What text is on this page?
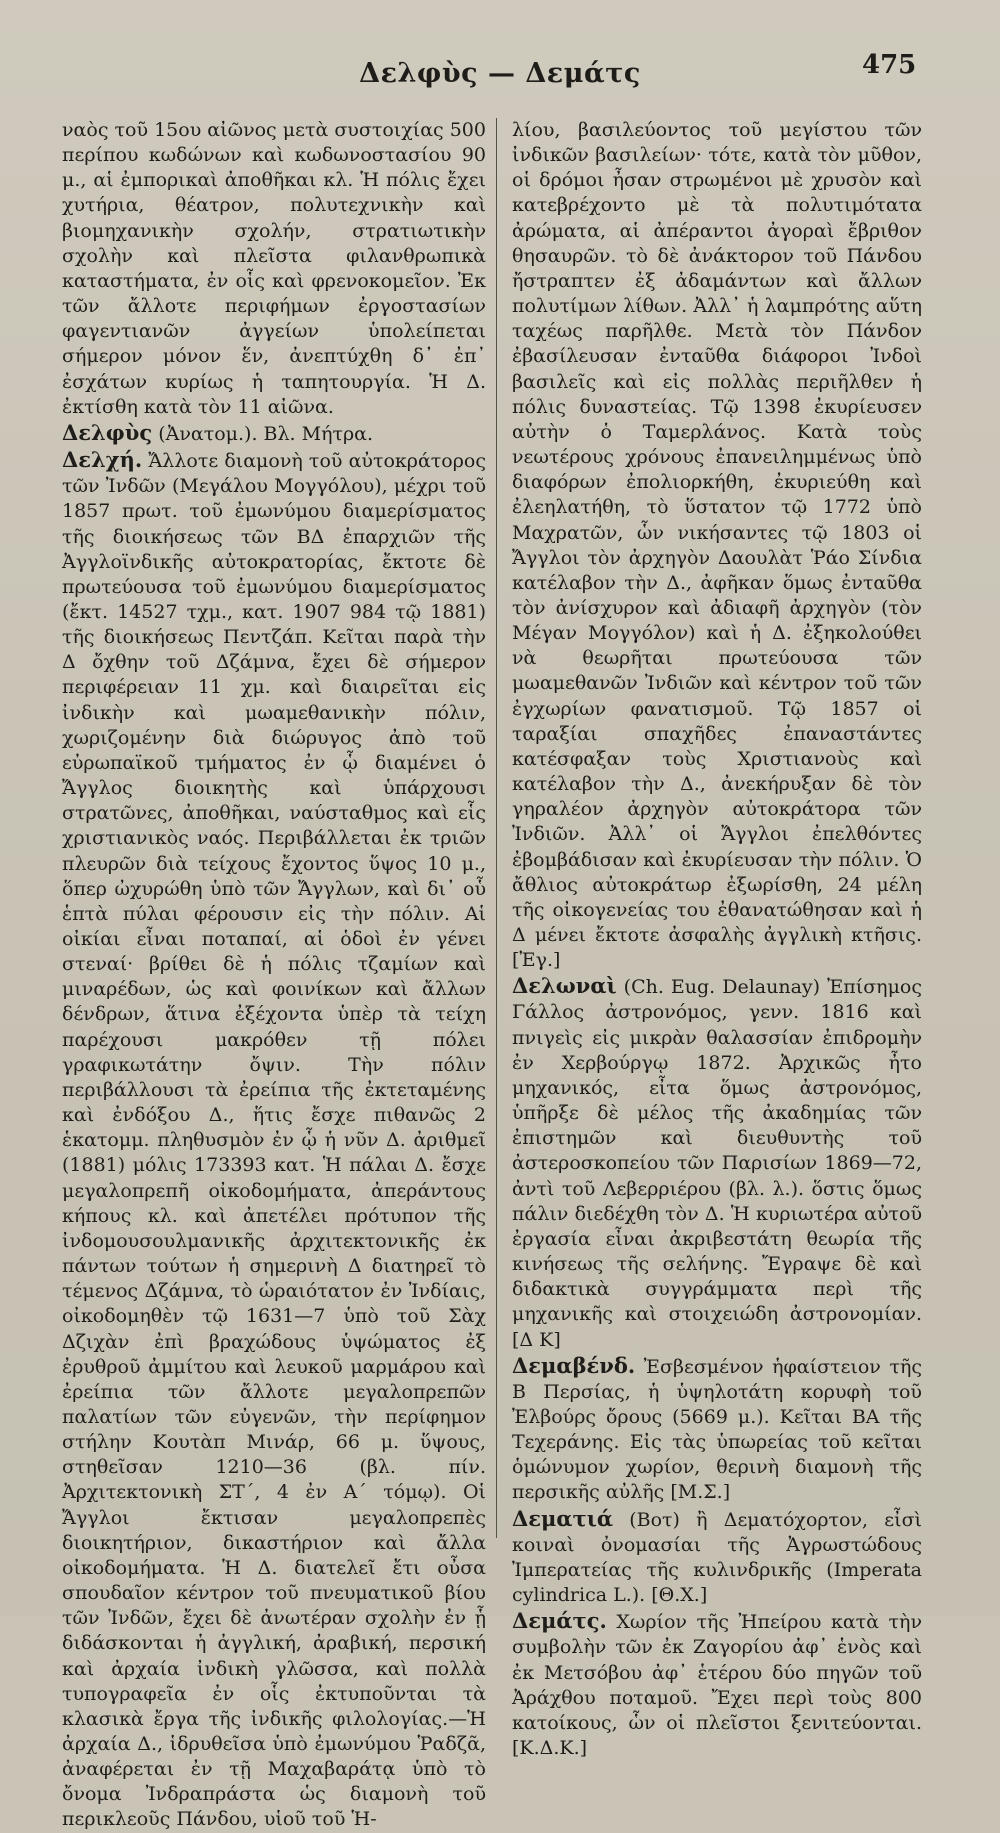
Δελφὺς — Δεμάτς	475

ναὸς τοῦ 15ου αἰῶνος μετὰ συστοιχίας 500 περίπου κωδώνων καὶ κωδωνοστασίου 90 μ., αἱ ἐμπορικαὶ ἀποθῆκαι κλ. Ἡ πόλις ἔχει χυτήρια, θέατρον, πολυτεχνικὴν καὶ βιομηχανικὴν σχολήν, στρατιωτικὴν σχολὴν καὶ πλεῖστα φιλανθρωπικὰ καταστήματα, ἐν οἷς καὶ φρενοκομεῖον. Ἐκ τῶν ἄλλοτε περιφήμων ἐργοστασίων φαγεντιανῶν ἀγγείων ὑπολείπεται σήμερον μόνον ἕν, ἀνεπτύχθη δ᾿ ἐπ᾿ ἐσχάτων κυρίως ἡ ταπητουργία. Ἡ Δ. ἐκτίσθη κατὰ τὸν 11 αἰῶνα.

Δελφὺς (Ἀνατομ.). Βλ. Μήτρα.

Δελχή. Ἄλλοτε διαμονὴ τοῦ αὐτοκράτορος τῶν Ἰνδῶν (Μεγάλου Μογγόλου), μέχρι τοῦ 1857 πρωτ. τοῦ ἐμωνύμου διαμερίσματος τῆς διοικήσεως τῶν ΒΔ ἐπαρχιῶν τῆς Ἀγγλοϊνδικῆς αὐτοκρατορίας, ἔκτοτε δὲ πρωτεύουσα τοῦ ἐμωνύμου διαμερίσματος (ἔκτ. 14527 τχμ., κατ. 1907 984 τῷ 1881) τῆς διοικήσεως Πεντζάπ. Κεῖται παρὰ τὴν Δ ὄχθην τοῦ Δζάμνα, ἔχει δὲ σήμερον περιφέρειαν 11 χμ. καὶ διαιρεῖται εἰς ἰνδικὴν καὶ μωαμεθανικὴν πόλιν, χωριζομένην διὰ διώρυγος ἀπὸ τοῦ εὐρωπαϊκοῦ τμήματος ἐν ᾧ διαμένει ὁ Ἄγγλος διοικητὴς καὶ ὑπάρχουσι στρατῶνες, ἀποθῆκαι, ναύσταθμος καὶ εἷς χριστιανικὸς ναός. Περιβάλλεται ἐκ τριῶν πλευρῶν διὰ τείχους ἔχοντος ὕψος 10 μ., ὅπερ ὠχυρώθη ὑπὸ τῶν Ἄγγλων, καὶ δι᾿ οὗ ἑπτὰ πύλαι φέρουσιν εἰς τὴν πόλιν. Αἱ οἰκίαι εἶναι ποταπαί, αἱ ὁδοὶ ἐν γένει στεναί· βρίθει δὲ ἡ πόλις τζαμίων καὶ μιναρέδων, ὡς καὶ φοινίκων καὶ ἄλλων δένδρων, ἅτινα ἐξέχοντα ὑπὲρ τὰ τείχη παρέχουσι μακρόθεν τῇ πόλει γραφικωτάτην ὄψιν. Τὴν πόλιν περιβάλλουσι τὰ ἐρείπια τῆς ἐκτεταμένης καὶ ἐνδόξου Δ., ἥτις ἔσχε πιθανῶς 2 ἑκατομμ. πληθυσμὸν ἐν ᾧ ἡ νῦν Δ. ἀριθμεῖ (1881) μόλις 173393 κατ. Ἡ πάλαι Δ. ἔσχε μεγαλοπρεπῆ οἰκοδομήματα, ἀπεράντους κήπους κλ. καὶ ἀπετέλει πρότυπον τῆς ἰνδομουσουλμανικῆς ἀρχιτεκτονικῆς ἐκ πάντων τούτων ἡ σημερινὴ Δ διατηρεῖ τὸ τέμενος Δζάμνα, τὸ ὡραιότατον ἐν Ἰνδίαις, οἰκοδομηθὲν τῷ 1631—7 ὑπὸ τοῦ Σὰχ Δζιχὰν ἐπὶ βραχώδους ὑψώματος ἐξ ἐρυθροῦ ἀμμίτου καὶ λευκοῦ μαρμάρου καὶ ἐρείπια τῶν ἄλλοτε μεγαλοπρεπῶν παλατίων τῶν εὐγενῶν, τὴν περίφημον στήλην Κουτὰπ Μινάρ, 66 μ. ὕψους, στηθεῖσαν 1210—36 (βλ. πίν. Ἀρχιτεκτονικὴ ΣΤ΄, 4 ἐν Α΄ τόμῳ). Οἱ Ἄγγλοι ἔκτισαν μεγαλοπρεπὲς διοικητήριον, δικαστήριον καὶ ἄλλα οἰκοδομήματα. Ἡ Δ. διατελεῖ ἔτι οὖσα σπουδαῖον κέντρον τοῦ πνευματικοῦ βίου τῶν Ἰνδῶν, ἔχει δὲ ἀνωτέραν σχολὴν ἐν ᾗ διδάσκονται ἡ ἀγγλική, ἀραβική, περσική καὶ ἀρχαία ἰνδικὴ γλῶσσα, καὶ πολλὰ τυπογραφεῖα ἐν οἷς ἐκτυποῦνται τὰ κλασικὰ ἔργα τῆς ἰνδικῆς φιλολογίας.—Ἡ ἀρχαία Δ., ἱδρυθεῖσα ὑπὸ ἐμωνύμου Ῥαδζᾶ, ἀναφέρεται ἐν τῇ Μαχαβαράτᾳ ὑπὸ τὸ ὄνομα Ἰνδραπράστα ὡς διαμονὴ τοῦ περικλεοῦς Πάνδου, υἱοῦ τοῦ Ἡ-

λίου, βασιλεύοντος τοῦ μεγίστου τῶν ἰνδικῶν βασιλείων· τότε, κατὰ τὸν μῦθον, οἱ δρόμοι ἦσαν στρωμένοι μὲ χρυσὸν καὶ κατεβρέχοντο μὲ τὰ πολυτιμότατα ἀρώματα, αἱ ἀπέραντοι ἀγοραὶ ἔβριθον θησαυρῶν. τὸ δὲ ἀνάκτορον τοῦ Πάνδου ἤστραπτεν ἐξ ἀδαμάντων καὶ ἄλλων πολυτίμων λίθων. Ἀλλ᾿ ἡ λαμπρότης αὕτη ταχέως παρῆλθε. Μετὰ τὸν Πάνδον ἐβασίλευσαν ἐνταῦθα διάφοροι Ἰνδοὶ βασιλεῖς καὶ εἰς πολλὰς περιῆλθεν ἡ πόλις δυναστείας. Τῷ 1398 ἐκυρίευσεν αὐτὴν ὁ Ταμερλάνος. Κατὰ τοὺς νεωτέρους χρόνους ἐπανειλημμένως ὑπὸ διαφόρων ἐπολιορκήθη, ἐκυριεύθη καὶ ἐλεηλατήθη, τὸ ὕστατον τῷ 1772 ὑπὸ Μαχρατῶν, ὧν νικήσαντες τῷ 1803 οἱ Ἄγγλοι τὸν ἀρχηγὸν Δαουλὰτ Ῥάο Σίνδια κατέλαβον τὴν Δ., ἀφῆκαν ὅμως ἐνταῦθα τὸν ἀνίσχυρον καὶ ἀδιαφῆ ἀρχηγὸν (τὸν Μέγαν Μογγόλον) καὶ ἡ Δ. ἐξηκολούθει νὰ θεωρῆται πρωτεύουσα τῶν μωαμεθανῶν Ἰνδιῶν καὶ κέντρον τοῦ τῶν ἐγχωρίων φανατισμοῦ. Τῷ 1857 οἱ ταραξίαι σπαχῆδες ἐπαναστάντες κατέσφαξαν τοὺς Χριστιανοὺς καὶ κατέλαβον τὴν Δ., ἀνεκήρυξαν δὲ τὸν γηραλέον ἀρχηγὸν αὐτοκράτορα τῶν Ἰνδιῶν. Ἀλλ᾿ οἱ Ἄγγλοι ἐπελθόντες ἐβομβάδισαν καὶ ἐκυρίευσαν τὴν πόλιν. Ὁ ἄθλιος αὐτοκράτωρ ἐξωρίσθη, 24 μέλη τῆς οἰκογενείας του ἐθανατώθησαν καὶ ἡ Δ μένει ἔκτοτε ἀσφαλὴς ἀγγλικὴ κτῆσις. [Ἐγ.]

Δελωναὶ (Ch. Eug. Delaunay) Ἐπίσημος Γάλλος ἀστρονόμος, γενν. 1816 καὶ πνιγεὶς εἰς μικρὰν θαλασσίαν ἐπιδρομὴν ἐν Χερβούργῳ 1872. Ἀρχικῶς ἦτο μηχανικός, εἶτα ὅμως ἀστρονόμος, ὑπῆρξε δὲ μέλος τῆς ἀκαδημίας τῶν ἐπιστημῶν καὶ διευθυντὴς τοῦ ἀστεροσκοπείου τῶν Παρισίων 1869—72, ἀντὶ τοῦ Λεβερριέρου (βλ. λ.). ὅστις ὅμως πάλιν διεδέχθη τὸν Δ. Ἡ κυριωτέρα αὐτοῦ ἐργασία εἶναι ἀκριβεστάτη θεωρία τῆς κινήσεως τῆς σελήνης. Ἔγραψε δὲ καὶ διδακτικὰ συγγράμματα περὶ τῆς μηχανικῆς καὶ στοιχειώδη ἀστρονομίαν. [Δ Κ]

Δεμαβένδ. Ἐσβεσμένον ἡφαίστειον τῆς Β Περσίας, ἡ ὑψηλοτάτη κορυφὴ τοῦ Ἐλβούρς ὄρους (5669 μ.). Κεῖται ΒΑ τῆς Τεχεράνης. Εἰς τὰς ὑπωρείας τοῦ κεῖται ὁμώνυμον χωρίον, θερινὴ διαμονὴ τῆς περσικῆς αὐλῆς [Μ.Σ.]

Δεματιά (Βοτ) ἢ Δεματόχορτον, εἶσὶ κοιναὶ ὀνομασίαι τῆς Ἀγρωστώδους Ἰμπερατείας τῆς κυλινδρικῆς (Imperata cylindrica L.). [Θ.Χ.]

Δεμάτς. Χωρίον τῆς Ἠπείρου κατὰ τὴν συμβολὴν τῶν ἐκ Ζαγορίου ἀφ᾿ ἑνὸς καὶ ἐκ Μετσόβου ἀφ᾿ ἑτέρου δύο πηγῶν τοῦ Ἀράχθου ποταμοῦ. Ἔχει περὶ τοὺς 800 κατοίκους, ὧν οἱ πλεῖστοι ξενιτεύονται. [Κ.Δ.Κ.]
